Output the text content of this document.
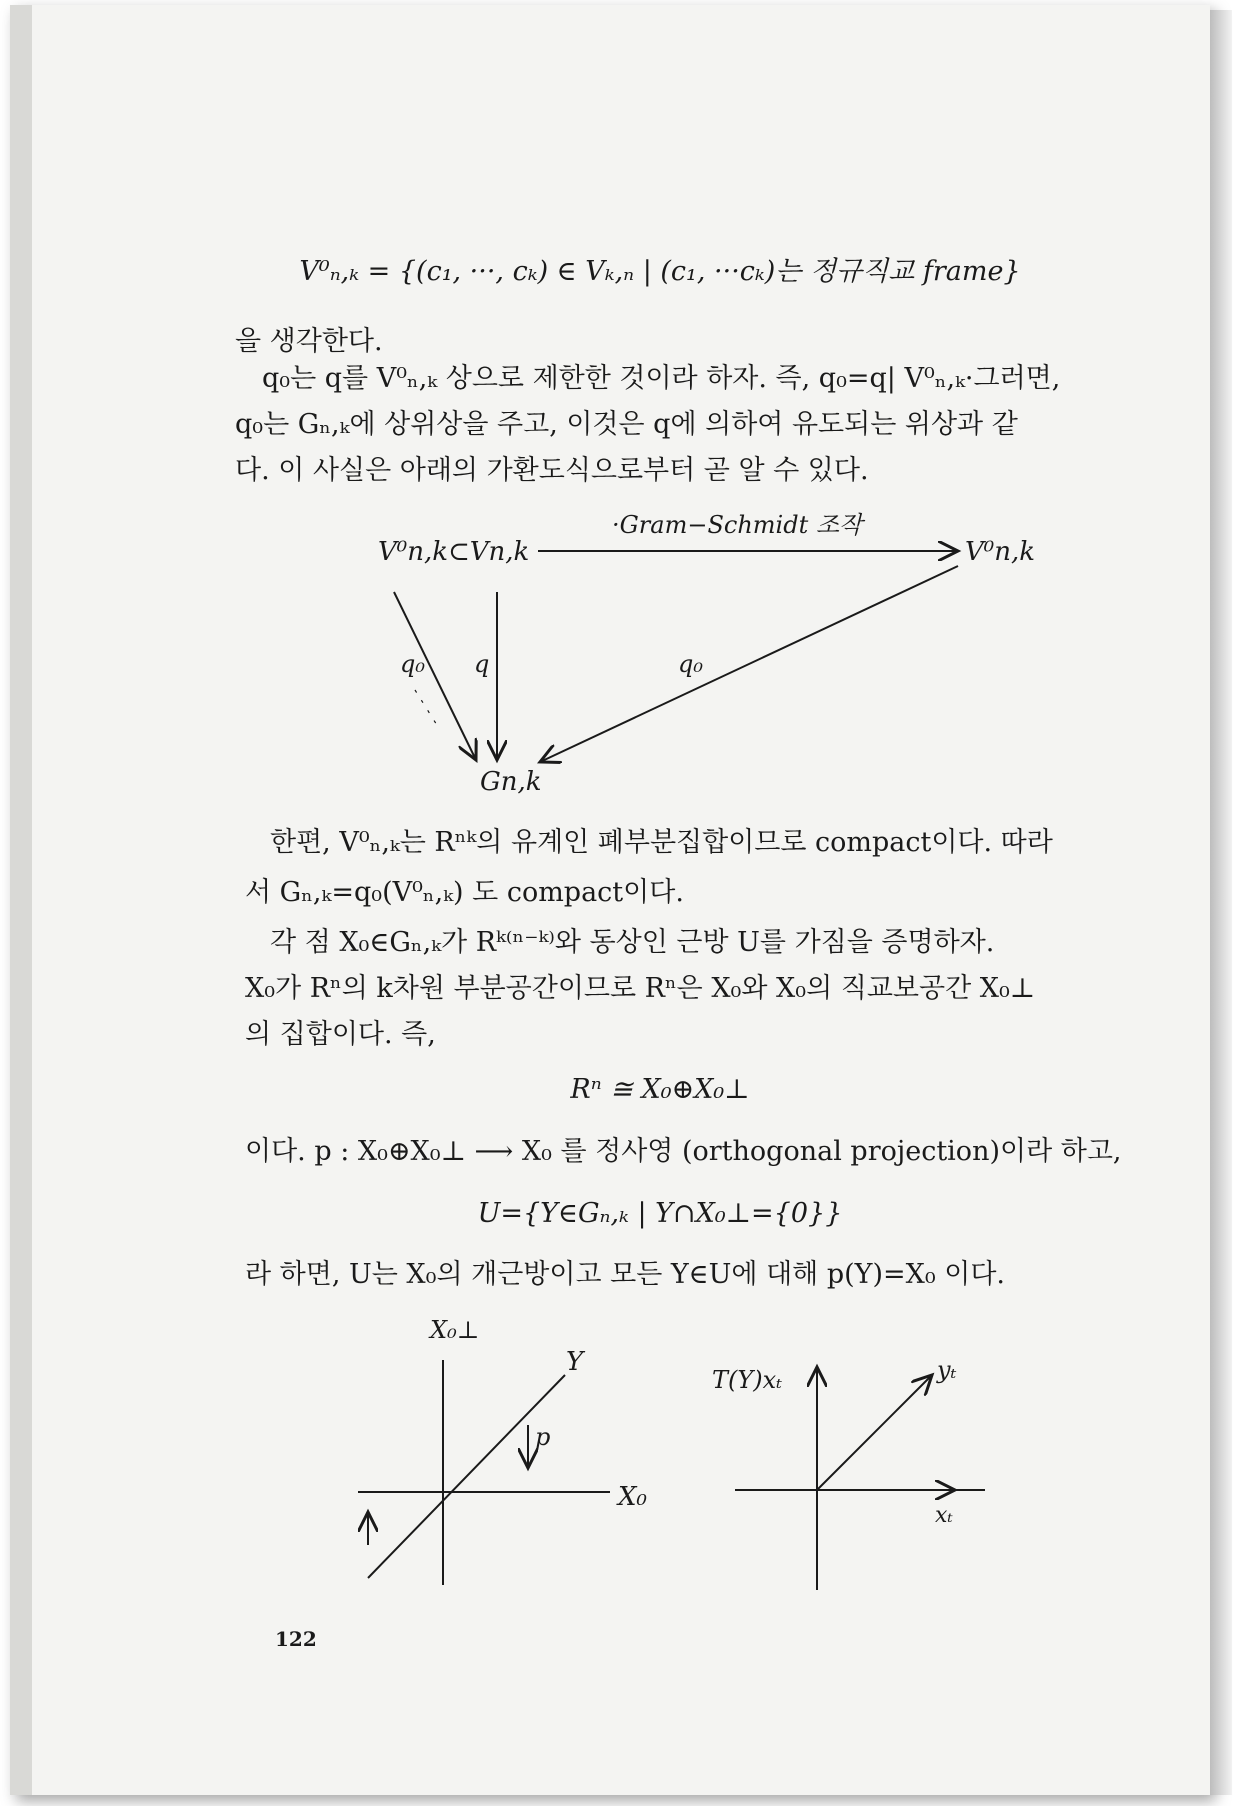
V⁰ₙ,ₖ = {(c₁, ···, cₖ) ∈ Vₖ,ₙ | (c₁, ···cₖ)는 정규직교 frame}
을 생각한다.
q₀는 q를 V⁰ₙ,ₖ 상으로 제한한 것이라 하자. 즉, q₀=q| V⁰ₙ,ₖ·그러면,
q₀는 Gₙ,ₖ에 상위상을 주고, 이것은 q에 의하여 유도되는 위상과 같
다. 이 사실은 아래의 가환도식으로부터 곧 알 수 있다.
V⁰n,k⊂Vn,k	V⁰n,k
·Gram−Schmidt 조작
q₀ q	q₀
Gn,k
한편, V⁰ₙ,ₖ는 Rⁿᵏ의 유계인 폐부분집합이므로 compact이다. 따라
서 Gₙ,ₖ=q₀(V⁰ₙ,ₖ) 도 compact이다.
각 점 X₀∈Gₙ,ₖ가 Rᵏ⁽ⁿ⁻ᵏ⁾와 동상인 근방 U를 가짐을 증명하자.
X₀가 Rⁿ의 k차원 부분공간이므로 Rⁿ은 X₀와 X₀의 직교보공간 X₀⊥
의 집합이다. 즉,
Rⁿ ≅ X₀⊕X₀⊥
이다. p : X₀⊕X₀⊥ ⟶ X₀ 를 정사영 (orthogonal projection)이라 하고,
U={Y∈Gₙ,ₖ | Y∩X₀⊥={0}}
라 하면, U는 X₀의 개근방이고 모든 Y∈U에 대해 p(Y)=X₀ 이다.
X₀⊥
X₀
Y
p
T(Y)xₜ
xₜ
yₜ
122
